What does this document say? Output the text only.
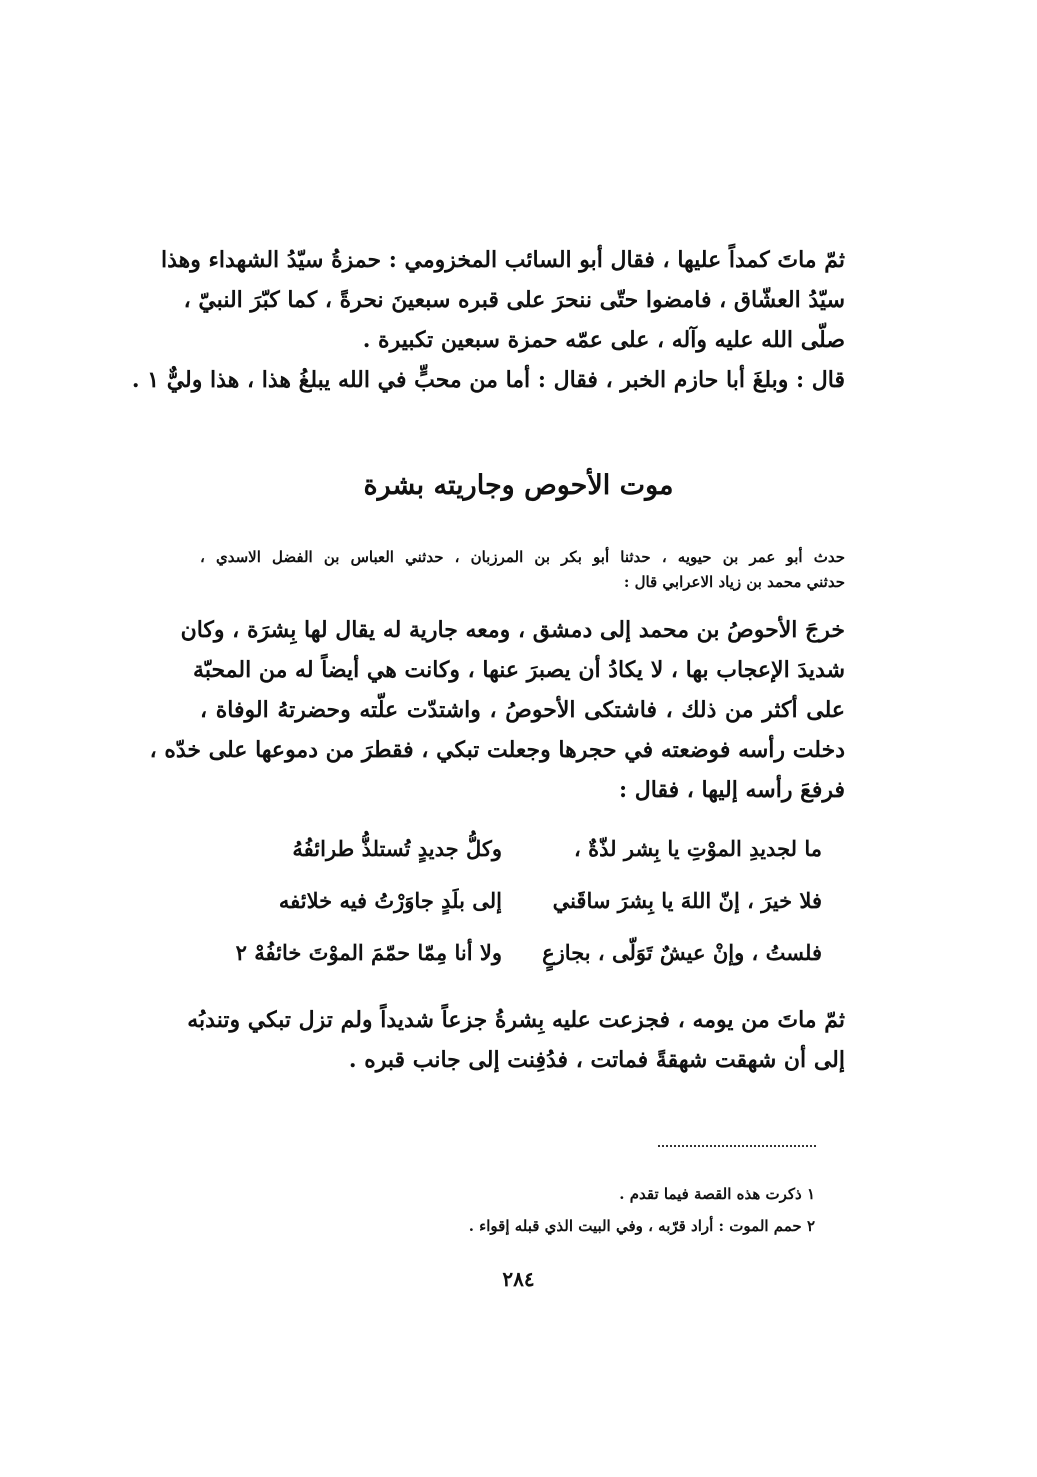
ثمّ ماتَ كمداً عليها ، فقال أبو السائب المخزومي : حمزةُ سيّدُ الشهداء وهذا
سيّدُ العشّاق ، فامضوا حتّى ننحرَ على قبره سبعينَ نحرةً ، كما كبّرَ النبيّ ،
صلّى الله عليه وآله ، على عمّه حمزة سبعين تكبيرة .
قال : وبلغَ أبا حازم الخبر ، فقال : أما من محبٍّ في الله يبلغُ هذا ، هذا وليٌّ ١ .
موت الأحوص وجاريته بشرة
حدث أبو عمر بن حيويه ، حدثنا أبو بكر بن المرزبان ، حدثني العباس بن الفضل الاسدي ،
حدثني محمد بن زياد الاعرابي قال :
خرجَ الأحوصُ بن محمد إلى دمشق ، ومعه جارية له يقال لها بِشرَة ، وكان
شديدَ الإعجاب بها ، لا يكادُ أن يصبرَ عنها ، وكانت هي أيضاً له من المحبّة
على أكثر من ذلك ، فاشتكى الأحوصُ ، واشتدّت علّته وحضرتهُ الوفاة ،
دخلت رأسه فوضعته في حجرها وجعلت تبكي ، فقطرَ من دموعها على خدّه ،
فرفعَ رأسه إليها ، فقال :
ما لجديدِ الموْتِ يا بِشر لذّةٌ ،
وكلُّ جديدٍ تُستلذُّ طرائفُهُ
فلا خيرَ ، إنّ اللهَ يا بِشرَ ساقَني
إلى بلَدٍ جاوَرْتُ فيه خلائفه
فلستُ ، وإنْ عيشٌ تَوَلّى ، بجازعٍ
ولا أنا مِمّا حمّمَ الموْتَ خائفُهْ ٢
ثمّ ماتَ من يومه ، فجزعت عليه بِشرةُ جزعاً شديداً ولم تزل تبكي وتندبُه
إلى أن شهقت شهقةً فماتت ، فدُفِنت إلى جانب قبره .
١ ذكرت هذه القصة فيما تقدم .
٢ حمم الموت : أراد قرّبه ، وفي البيت الذي قبله إقواء .
٢٨٤
